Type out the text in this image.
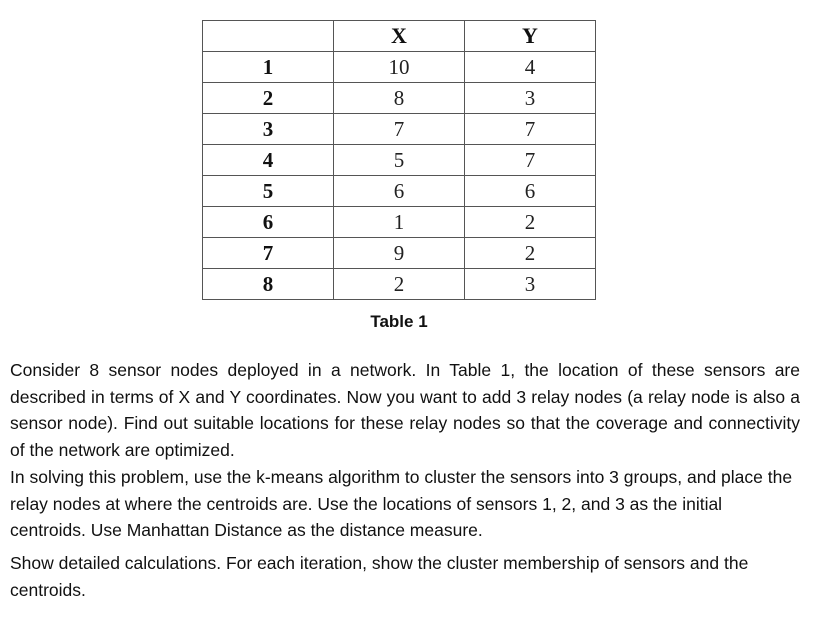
	X	Y
1	10	4
2	8	3
3	7	7
4	5	7
5	6	6
6	1	2
7	9	2
8	2	3
Table 1

Consider 8 sensor nodes deployed in a network. In Table 1, the location of these sensors are described in terms of X and Y coordinates. Now you want to add 3 relay nodes (a relay node is also a sensor node). Find out suitable locations for these relay nodes so that the coverage and connectivity of the network are optimized.

In solving this problem, use the k-means algorithm to cluster the sensors into 3 groups, and place the relay nodes at where the centroids are. Use the locations of sensors 1, 2, and 3 as the initial centroids. Use Manhattan Distance as the distance measure.

Show detailed calculations. For each iteration, show the cluster membership of sensors and the centroids.
